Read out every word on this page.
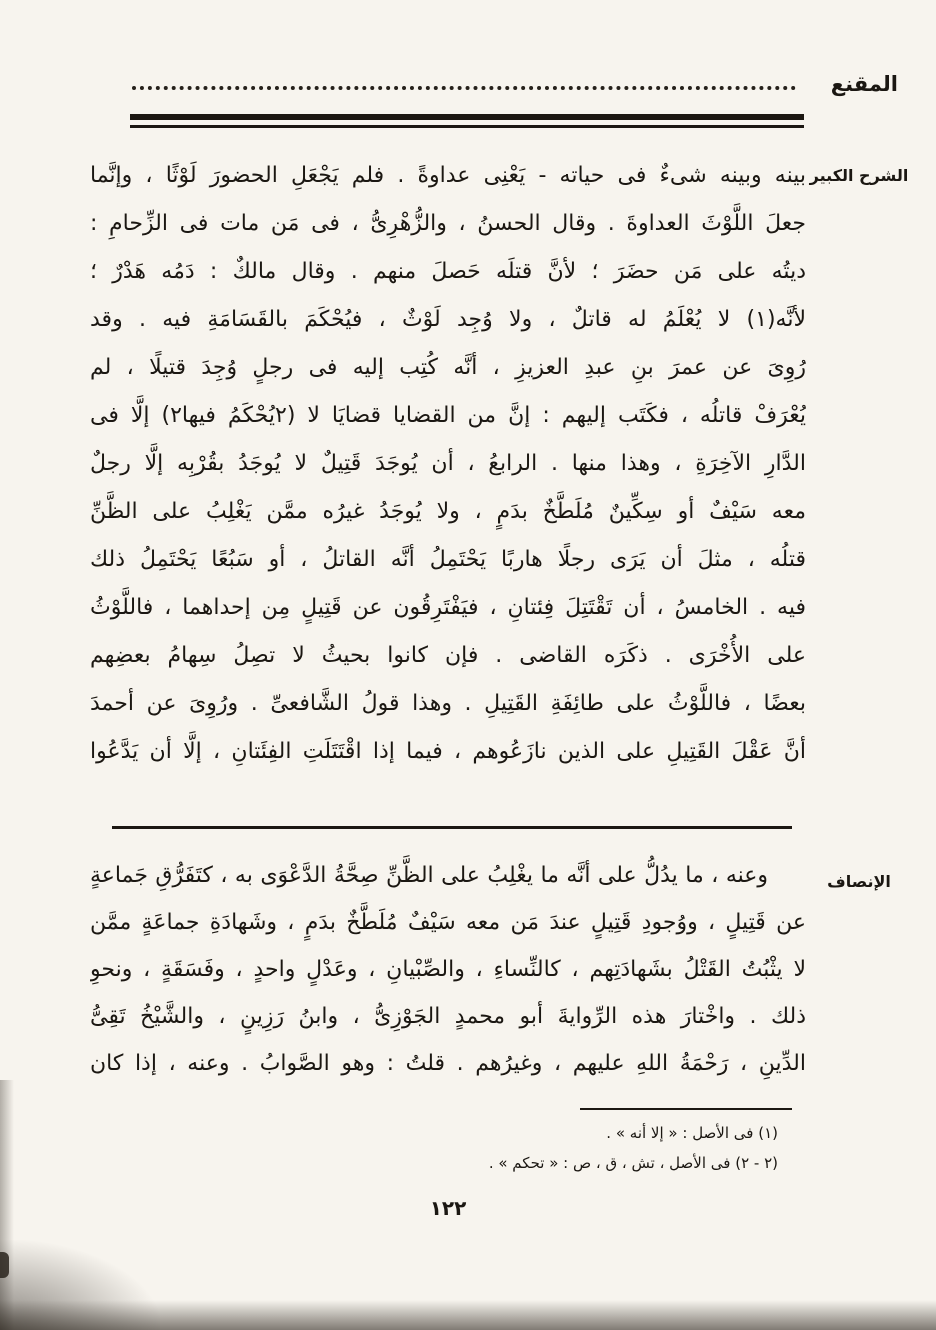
المقنع
الشرح الكبير
بينه وبينه شىءٌ فى حياته - يَعْنِى عداوةً . فلم يَجْعَلِ الحضورَ لَوْثًا ، وإنَّما
جعلَ اللَّوْثَ العداوةَ . وقال الحسنُ ، والزُّهْرِىُّ ، فى مَن مات فى الزِّحامِ :
ديتُه على مَن حضَرَ ؛ لأنَّ قتلَه حَصلَ منهم . وقال مالكٌ : دَمُه هَدْرٌ ؛
لأنَّه(١) لا يُعْلَمُ له قاتلٌ ، ولا وُجِد لَوْثٌ ، فيُحْكَمَ بالقَسَامَةِ فيه . وقد
رُوِىَ عن عمرَ بنِ عبدِ العزيزِ ، أنَّه كُتِب إليه فى رجلٍ وُجِدَ قتيلًا ، لم
يُعْرَفْ قاتلُه ، فكَتَب إليهم : إنَّ من القضايا قضايَا لا (٢يُحْكَمُ فيها٢) إلَّا فى
الدَّارِ الآخِرَةِ ، وهذا منها . الرابعُ ، أن يُوجَدَ قَتِيلٌ لا يُوجَدُ بقُرْبِه إلَّا رجلٌ
معه سَيْفٌ أو سِكِّينٌ مُلَطَّخٌ بدَمٍ ، ولا يُوجَدُ غيرُه ممَّن يَغْلِبُ على الظَّنِّ
قتلُه ، مثلَ أن يَرَى رجلًا هاربًا يَحْتَمِلُ أنَّه القاتلُ ، أو سَبُعًا يَحْتَمِلُ ذلك
فيه . الخامسُ ، أن تَقْتَتِلَ فِئتانِ ، فيَفْتَرِقُون عن قَتِيلٍ مِن إحداهما ، فاللَّوْثُ
على الأُخْرَى . ذكَرَه القاضى . فإن كانوا بحيثُ لا تصِلُ سِهامُ بعضِهم
بعضًا ، فاللَّوْثُ على طائِفَةِ القَتِيلِ . وهذا قولُ الشَّافعىِّ . ورُوِىَ عن أحمدَ
أنَّ عَقْلَ القَتِيلِ على الذين نازَعُوهم ، فيما إذا اقْتَتَلَتِ الفِئَتانِ ، إلَّا أن يَدَّعُوا
الإنصاف
وعنه ، ما يدُلُّ على أنَّه ما يغْلِبُ على الظَّنِّ صِحَّةُ الدَّعْوَى به ، كتَفَرُّقِ جَماعةٍ
عن قَتِيلٍ ، ووُجودِ قَتِيلٍ عندَ مَن معه سَيْفٌ مُلَطَّخٌ بدَمٍ ، وشَهادَةِ جماعَةٍ ممَّن
لا يثْبُتُ القَتْلُ بشَهادَتِهم ، كالنِّساءِ ، والصِّبْيانِ ، وعَدْلٍ واحدٍ ، وفَسَقَةٍ ، ونحوِ
ذلك . واخْتارَ هذه الرِّوايةَ أبو محمدٍ الجَوْزِىُّ ، وابنُ رَزِينٍ ، والشَّيْخُ تَقِىُّ
الدِّينِ ، رَحْمَةُ اللهِ عليهم ، وغيرُهم . قلتُ : وهو الصَّوابُ . وعنه ، إذا كان
(١) فى الأصل : « إلا أنه » .
(٢ - ٢) فى الأصل ، تش ، ق ، ص : « تحكم » .
١٢٢
